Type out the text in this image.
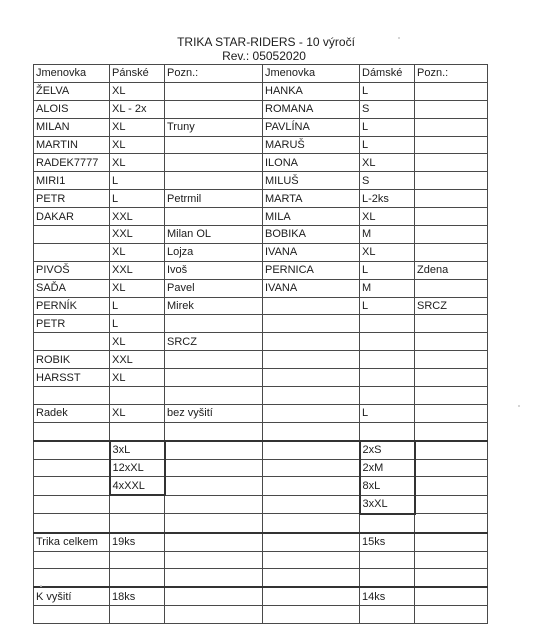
TRIKA STAR-RIDERS - 10 výročí
Rev.: 05052020
Jmenovka	Pánské	Pozn.:	Jmenovka	Dámské	Pozn.:
ŽELVA	XL		HANKA	L	
ALOIS	XL - 2x		ROMANA	S	
MILAN	XL	Truny	PAVLÍNA	L	
MARTIN	XL		MARUŠ	L	
RADEK7777	XL		ILONA	XL	
MIRI1	L		MILUŠ	S	
PETR	L	Petrmil	MARTA	L-2ks	
DAKAR	XXL		MILA	XL	
	XXL	Milan OL	BOBIKA	M	
	XL	Lojza	IVANA	XL	
PIVOŠ	XXL	Ivoš	PERNICA	L	Zdena
SAĎA	XL	Pavel	IVANA	M	
PERNÍK	L	Mirek		L	SRCZ
PETR	L				
	XL	SRCZ			
ROBIK	XXL				
HARSST	XL				

Radek	XL	bez vyšití		L	

	3xL			2xS	
	12xXL			2xM	
	4xXXL			8xL	
				3xXL	

Trika celkem	19ks			15ks	

K vyšití	18ks			14ks	
